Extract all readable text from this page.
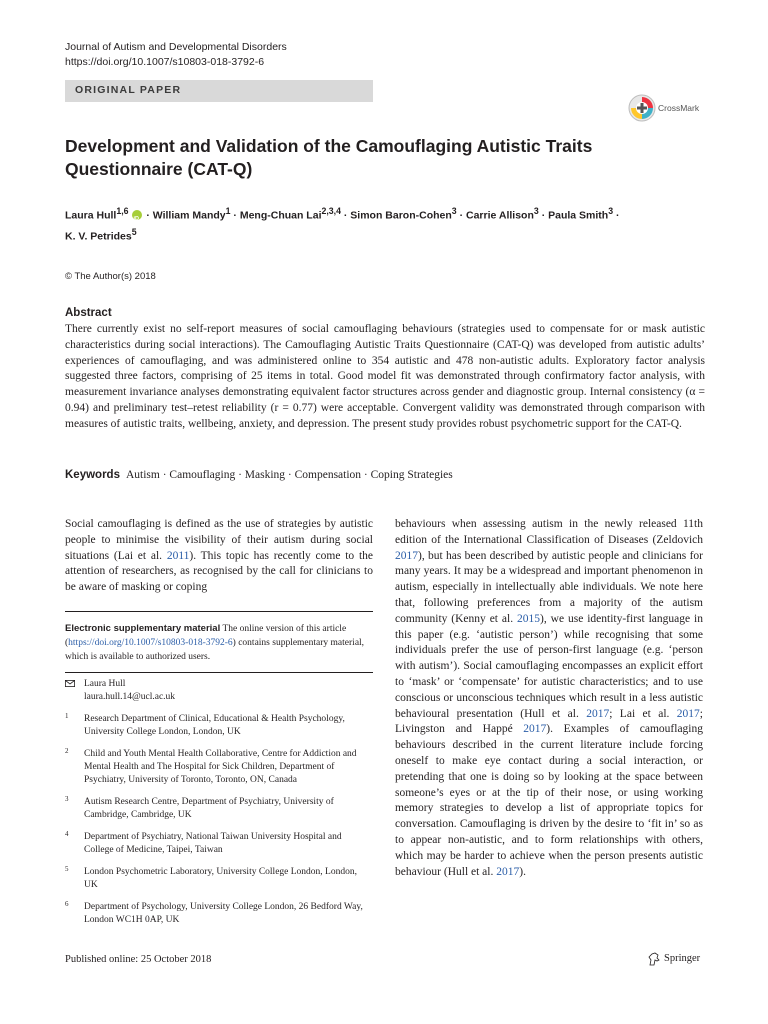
Journal of Autism and Developmental Disorders
https://doi.org/10.1007/s10803-018-3792-6
ORIGINAL PAPER
CrossMark
Development and Validation of the Camouflaging Autistic Traits Questionnaire (CAT-Q)
Laura Hull$^{1,6}$ iD · William Mandy$^1$ · Meng-Chuan Lai$^{2,3,4}$ · Simon Baron-Cohen$^3$ · Carrie Allison$^3$ · Paula Smith$^3$ ·
K. V. Petrides$^5$
© The Author(s) 2018
Abstract

There currently exist no self-report measures of social camouflaging behaviours (strategies used to compensate for or mask autistic characteristics during social interactions). The Camouflaging Autistic Traits Questionnaire (CAT-Q) was developed from autistic adults’ experiences of camouflaging, and was administered online to 354 autistic and 478 non-autistic adults. Exploratory factor analysis suggested three factors, comprising of 25 items in total. Good model fit was demonstrated through confirmatory factor analysis, with measurement invariance analyses demonstrating equivalent factor structures across gender and diagnostic group. Internal consistency (α = 0.94) and preliminary test–retest reliability (r = 0.77) were acceptable. Convergent validity was demonstrated through comparison with measures of autistic traits, wellbeing, anxiety, and depression. The present study provides robust psychometric support for the CAT-Q.

Keywords Autism · Camouflaging · Masking · Compensation · Coping Strategies

Social camouflaging is defined as the use of strategies by autistic people to minimise the visibility of their autism during social situations (Lai et al. 2011). This topic has recently come to the attention of researchers, as recognised by the call for clinicians to be aware of masking or coping

Electronic supplementary material The online version of this article (https://doi.org/10.1007/s10803-018-3792-6) contains supplementary material, which is available to authorized users.
Laura Hull
laura.hull.14@ucl.ac.uk
1 Research Department of Clinical, Educational & Health Psychology, University College London, London, UK
2 Child and Youth Mental Health Collaborative, Centre for Addiction and Mental Health and The Hospital for Sick Children, Department of Psychiatry, University of Toronto, Toronto, ON, Canada
3 Autism Research Centre, Department of Psychiatry, University of Cambridge, Cambridge, UK
4 Department of Psychiatry, National Taiwan University Hospital and College of Medicine, Taipei, Taiwan
5 London Psychometric Laboratory, University College London, London, UK
6 Department of Psychology, University College London, 26 Bedford Way, London WC1H 0AP, UK

behaviours when assessing autism in the newly released 11th edition of the International Classification of Diseases (Zeldovich 2017), but has been described by autistic people and clinicians for many years. It may be a widespread and important phenomenon in autism, especially in intellectually able individuals. We note here that, following preferences from a majority of the autism community (Kenny et al. 2015), we use identity-first language in this paper (e.g. ‘autistic person’) while recognising that some individuals prefer the use of person-first language (e.g. ‘person with autism’). Social camouflaging encompasses an explicit effort to ‘mask’ or ‘compensate’ for autistic characteristics; and to use conscious or unconscious techniques which result in a less autistic behavioural presentation (Hull et al. 2017; Lai et al. 2017; Livingston and Happé 2017). Examples of camouflaging behaviours described in the current literature include forcing oneself to make eye contact during a social interaction, or pretending that one is doing so by looking at the space between someone’s eyes or at the tip of their nose, or using working memory strategies to develop a list of appropriate topics for conversation. Camouflaging is driven by the desire to ‘fit in’ so as to appear non-autistic, and to form relationships with others, which may be harder to achieve when the person presents autistic behaviour (Hull et al. 2017).

Published online: 25 October 2018	Springer
